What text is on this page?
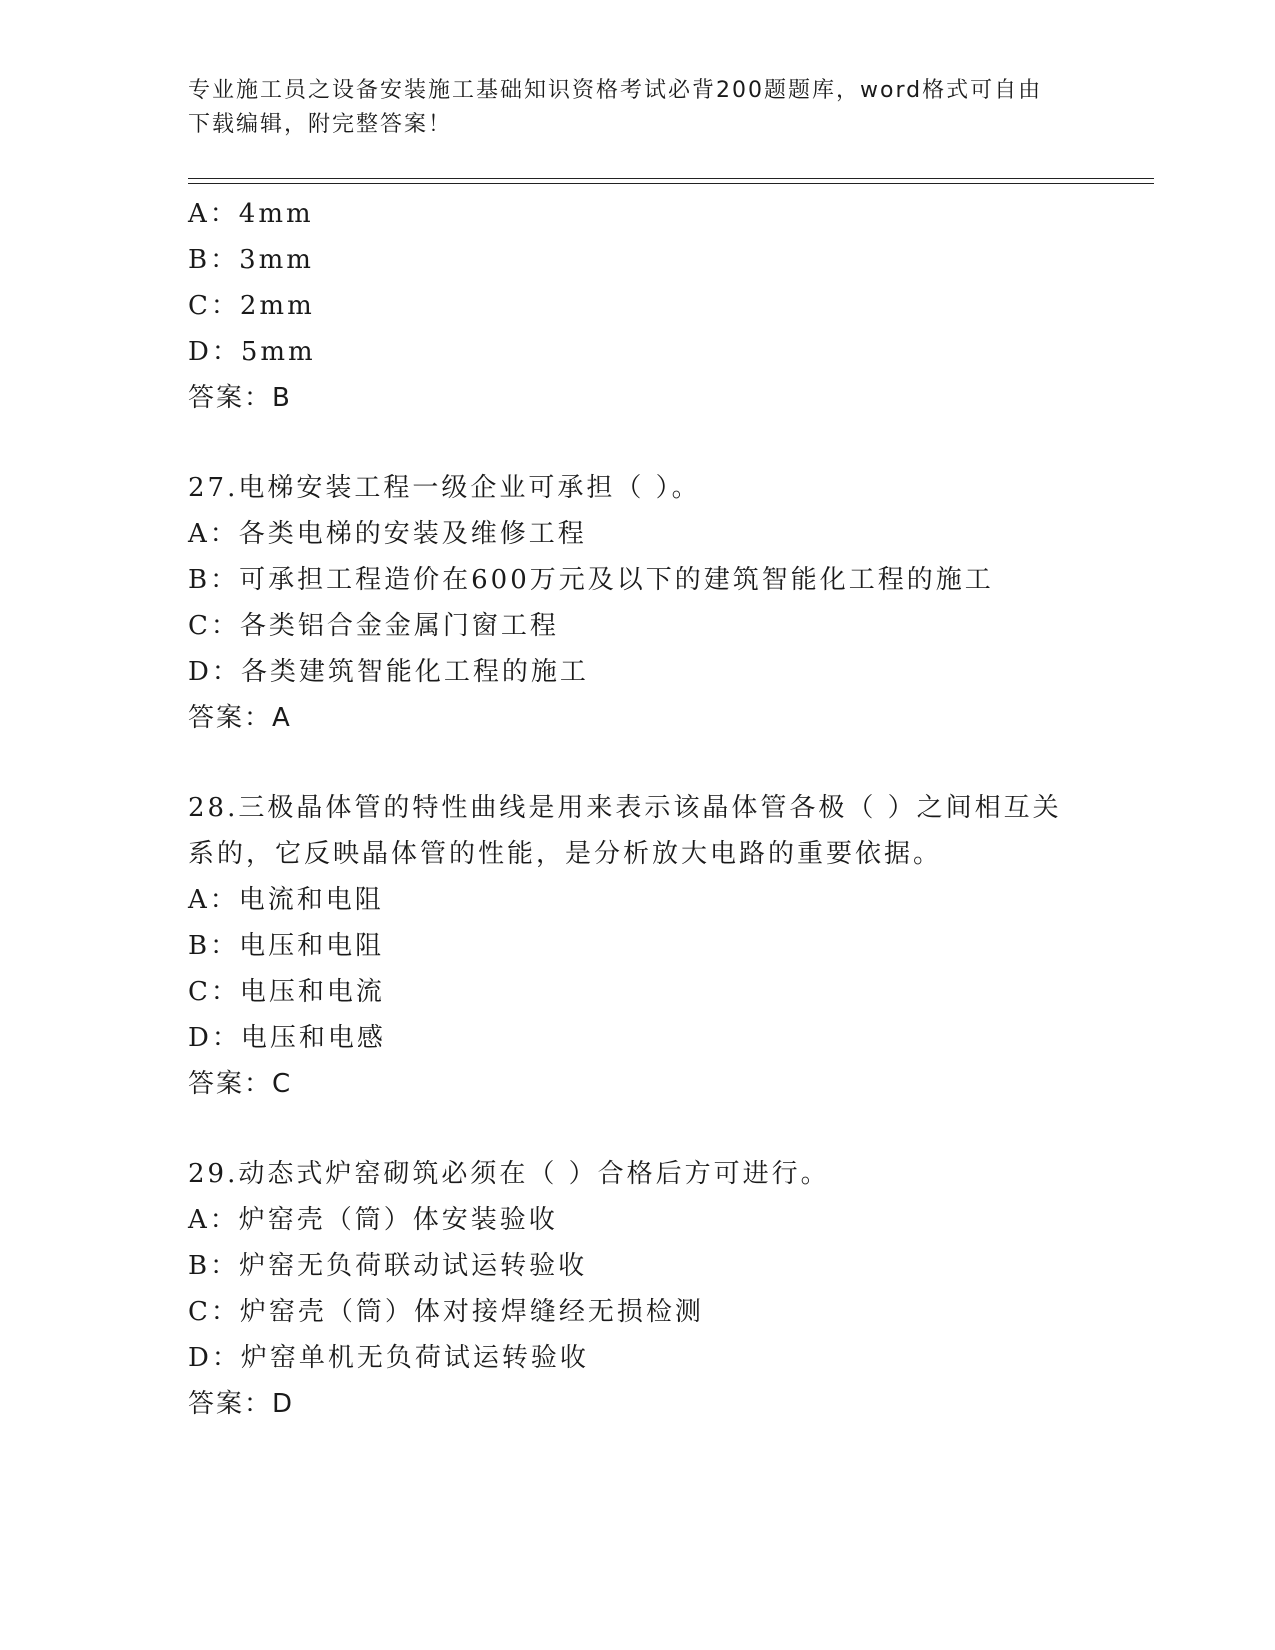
专业施工员之设备安装施工基础知识资格考试必背200题题库，word格式可自由
下载编辑，附完整答案！
A：4mm
B：3mm
C：2mm
D：5mm
答案：B
27.电梯安装工程一级企业可承担（ ）。
A：各类电梯的安装及维修工程
B：可承担工程造价在600万元及以下的建筑智能化工程的施工
C：各类铝合金金属门窗工程
D：各类建筑智能化工程的施工
答案：A
28.三极晶体管的特性曲线是用来表示该晶体管各极（ ）之间相互关
系的，它反映晶体管的性能，是分析放大电路的重要依据。
A：电流和电阻
B：电压和电阻
C：电压和电流
D：电压和电感
答案：C
29.动态式炉窑砌筑必须在（ ）合格后方可进行。
A：炉窑壳（筒）体安装验收
B：炉窑无负荷联动试运转验收
C：炉窑壳（筒）体对接焊缝经无损检测
D：炉窑单机无负荷试运转验收
答案：D
